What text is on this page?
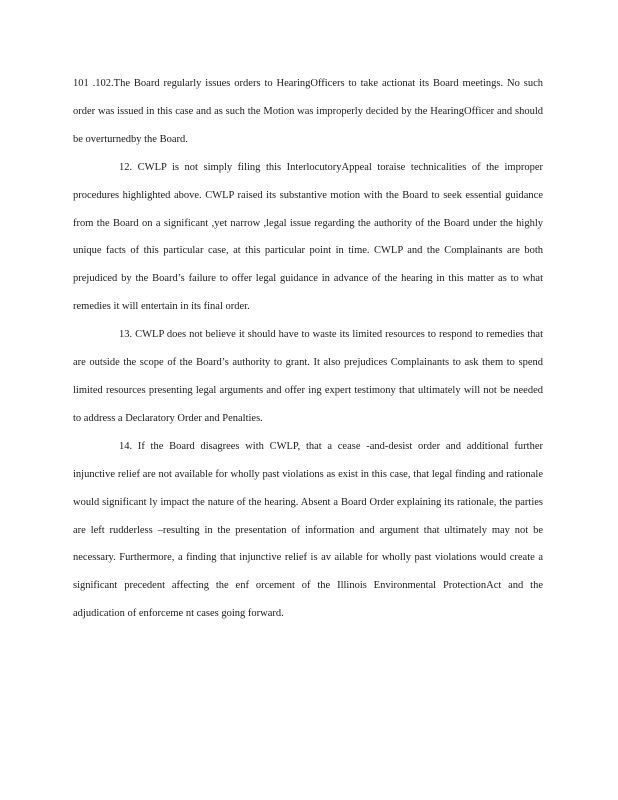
101 .102.The Board regularly issues orders to HearingOfficers to take actionat its Board meetings. No such order was issued in this case and as such the Motion was improperly decided by the HearingOfficer and should be overturnedby the Board.

12. CWLP is not simply filing this InterlocutoryAppeal toraise technicalities of the improper procedures highlighted above. CWLP raised its substantive motion with the Board to seek essential guidance from the Board on a significant ,yet narrow ,legal issue regarding the authority of the Board under the highly unique facts of this particular case, at this particular point in time. CWLP and the Complainants are both prejudiced by the Board’s failure to offer legal guidance in advance of the hearing in this matter as to what remedies it will entertain in its final order.

13. CWLP does not believe it should have to waste its limited resources to respond to remedies that are outside the scope of the Board’s authority to grant. It also prejudices Complainants to ask them to spend limited resources presenting legal arguments and offer ing expert testimony that ultimately will not be needed to address a Declaratory Order and Penalties.

14. If the Board disagrees with CWLP, that a cease -and-desist order and additional further injunctive relief are not available for wholly past violations as exist in this case, that legal finding and rationale would significant ly impact the nature of the hearing. Absent a Board Order explaining its rationale, the parties are left rudderless –resulting in the presentation of information and argument that ultimately may not be necessary. Furthermore, a finding that injunctive relief is av ailable for wholly past violations would create a significant precedent affecting the enf orcement of the Illinois Environmental ProtectionAct and the adjudication of enforceme nt cases going forward.
